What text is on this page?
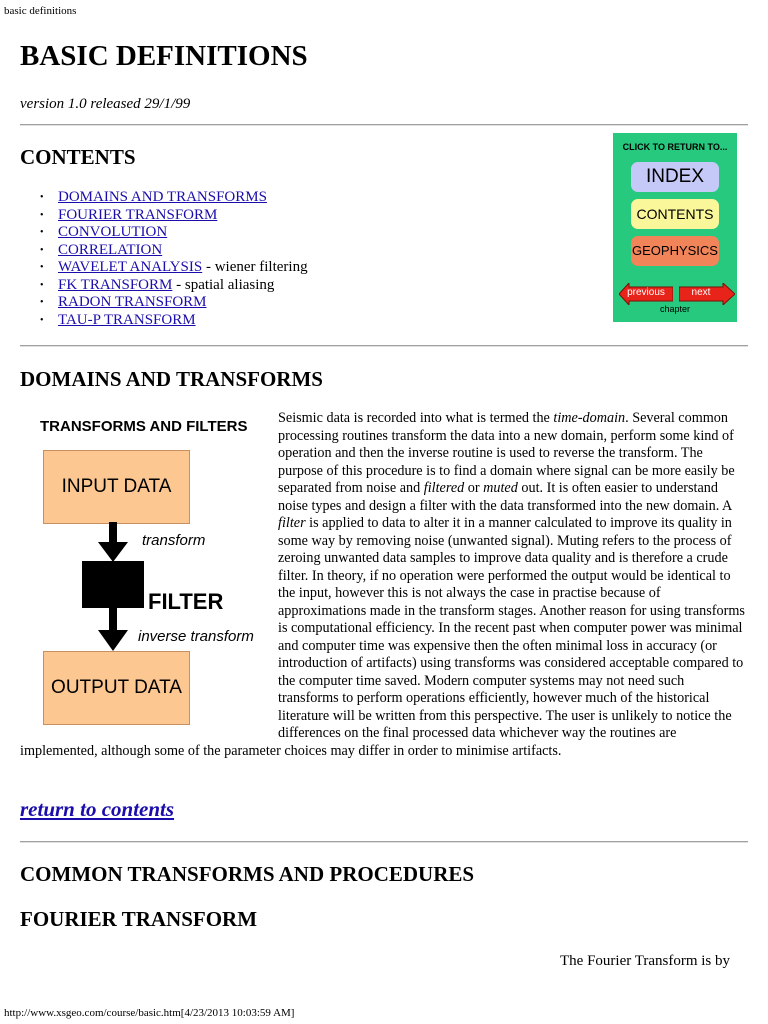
basic definitions
BASIC DEFINITIONS
version 1.0 released 29/1/99
CONTENTS
• DOMAINS AND TRANSFORMS
• FOURIER TRANSFORM
• CONVOLUTION
• CORRELATION
• WAVELET ANALYSIS - wiener filtering
• FK TRANSFORM - spatial aliasing
• RADON TRANSFORM
• TAU-P TRANSFORM
CLICK TO RETURN TO...
INDEX
CONTENTS
GEOPHYSICS
previous	next
chapter
DOMAINS AND TRANSFORMS
Seismic data is recorded into what is termed the time-domain. Several common processing routines transform the data into a new domain, perform some kind of operation and then the inverse routine is used to reverse the transform. The purpose of this procedure is to find a domain where signal can be more easily be separated from noise and filtered or muted out. It is often easier to understand noise types and design a filter with the data transformed into the new domain. A filter is applied to data to alter it in a manner calculated to improve its quality in some way by removing noise (unwanted signal). Muting refers to the process of zeroing unwanted data samples to improve data quality and is therefore a crude filter. In theory, if no operation were performed the output would be identical to the input, however this is not always the case in practise because of approximations made in the transform stages. Another reason for using transforms is computational efficiency. In the recent past when computer power was minimal and computer time was expensive then the often minimal loss in accuracy (or introduction of artifacts) using transforms was considered acceptable compared to the computer time saved. Modern computer systems may not need such transforms to perform operations efficiently, however much of the historical literature will be written from this perspective. The user is unlikely to notice the differences on the final processed data whichever way the routines are implemented, although some of the parameter choices may differ in order to minimise artifacts.
TRANSFORMS AND FILTERS
INPUT DATA
transform
FILTER
inverse transform
OUTPUT DATA
return to contents
COMMON TRANSFORMS AND PROCEDURES
FOURIER TRANSFORM
The Fourier Transform is by
http://www.xsgeo.com/course/basic.htm[4/23/2013 10:03:59 AM]
